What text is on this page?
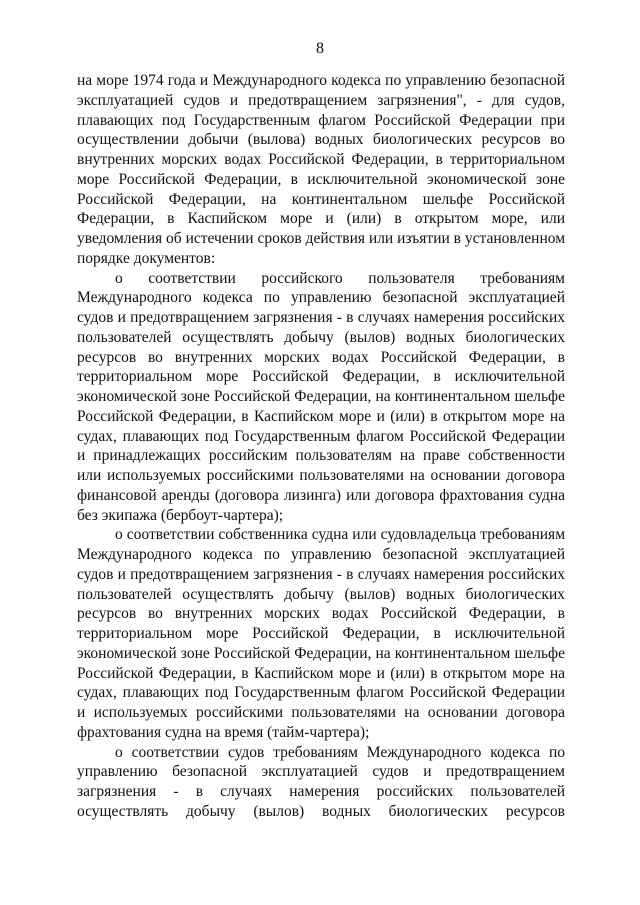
8

на море 1974 года и Международного кодекса по управлению безопасной эксплуатацией судов и предотвращением загрязнения", - для судов, плавающих под Государственным флагом Российской Федерации при осуществлении добычи (вылова) водных биологических ресурсов во внутренних морских водах Российской Федерации, в территориальном море Российской Федерации, в исключительной экономической зоне Российской Федерации, на континентальном шельфе Российской Федерации, в Каспийском море и (или) в открытом море, или уведомления об истечении сроков действия или изъятии в установленном порядке документов:

о соответствии российского пользователя требованиям Международного кодекса по управлению безопасной эксплуатацией судов и предотвращением загрязнения - в случаях намерения российских пользователей осуществлять добычу (вылов) водных биологических ресурсов во внутренних морских водах Российской Федерации, в территориальном море Российской Федерации, в исключительной экономической зоне Российской Федерации, на континентальном шельфе Российской Федерации, в Каспийском море и (или) в открытом море на судах, плавающих под Государственным флагом Российской Федерации и принадлежащих российским пользователям на праве собственности или используемых российскими пользователями на основании договора финансовой аренды (договора лизинга) или договора фрахтования судна без экипажа (бербоут-чартера);

о соответствии собственника судна или судовладельца требованиям Международного кодекса по управлению безопасной эксплуатацией судов и предотвращением загрязнения - в случаях намерения российских пользователей осуществлять добычу (вылов) водных биологических ресурсов во внутренних морских водах Российской Федерации, в территориальном море Российской Федерации, в исключительной экономической зоне Российской Федерации, на континентальном шельфе Российской Федерации, в Каспийском море и (или) в открытом море на судах, плавающих под Государственным флагом Российской Федерации и используемых российскими пользователями на основании договора фрахтования судна на время (тайм-чартера);

о соответствии судов требованиям Международного кодекса по управлению безопасной эксплуатацией судов и предотвращением загрязнения - в случаях намерения российских пользователей осуществлять добычу (вылов) водных биологических ресурсов
